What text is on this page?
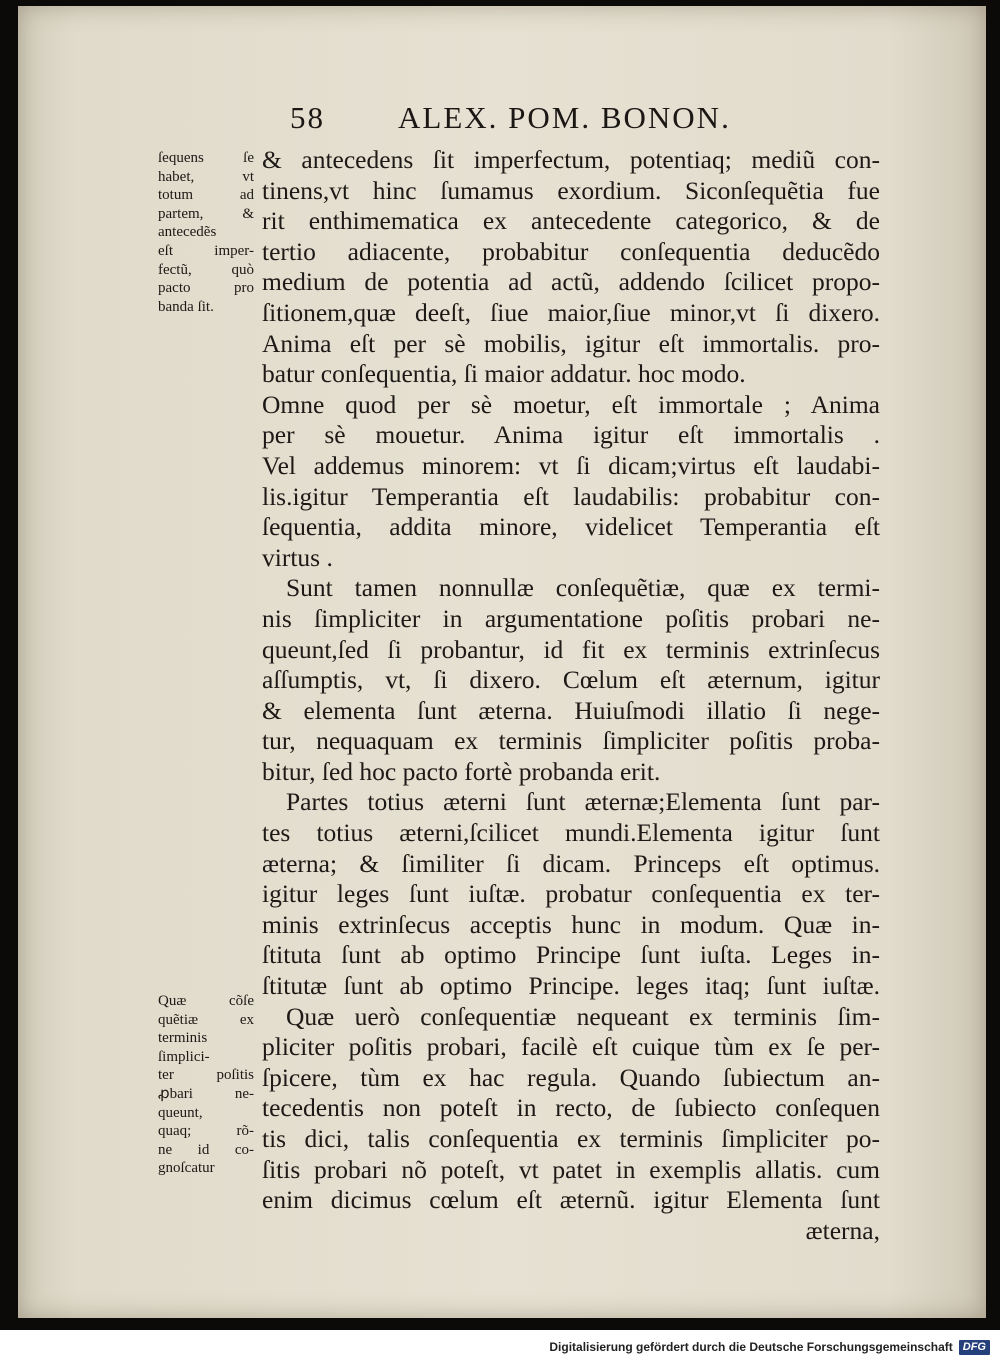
58 ALEX. POM. BONON.
ſequens ſe
habet, vt
totum ad
partem, &
antecedẽs
eſt imper-
fectũ, quò
pacto pro
banda ſit.
Quæ cõſe
quẽtiæ ex
terminis
ſimplici-
ter poſitis
ꝓbari ne-
queunt,
quaq; rõ-
ne id co-
gnoſcatur
& antecedens ſit imperfectum, potentiaq; mediũ con-
tinens,vt hinc ſumamus exordium. Siconſequẽtia fue
rit enthimematica ex antecedente categorico, & de
tertio adiacente, probabitur conſequentia deducẽdo
medium de potentia ad actũ, addendo ſcilicet propo-
ſitionem,quæ deeſt, ſiue maior,ſiue minor,vt ſi dixero.
Anima eſt per sè mobilis, igitur eſt immortalis. pro-
batur conſequentia, ſi maior addatur. hoc modo.
Omne quod per sè moetur, eſt immortale ; Anima
per sè mouetur. Anima igitur eſt immortalis .
Vel addemus minorem: vt ſi dicam;virtus eſt laudabi-
lis.igitur Temperantia eſt laudabilis: probabitur con-
ſequentia, addita minore, videlicet Temperantia eſt
virtus .
Sunt tamen nonnullæ conſequẽtiæ, quæ ex termi-
nis ſimpliciter in argumentatione poſitis probari ne-
queunt,ſed ſi probantur, id fit ex terminis extrinſecus
aſſumptis, vt, ſi dixero. Cœlum eſt æternum, igitur
& elementa ſunt æterna. Huiuſmodi illatio ſi nege-
tur, nequaquam ex terminis ſimpliciter poſitis proba-
bitur, ſed hoc pacto fortè probanda erit.
Partes totius æterni ſunt æternæ;Elementa ſunt par-
tes totius æterni,ſcilicet mundi.Elementa igitur ſunt
æterna; & ſimiliter ſi dicam. Princeps eſt optimus.
igitur leges ſunt iuſtæ. probatur conſequentia ex ter-
minis extrinſecus acceptis hunc in modum. Quæ in-
ſtituta ſunt ab optimo Principe ſunt iuſta. Leges in-
ſtitutæ ſunt ab optimo Principe. leges itaq; ſunt iuſtæ.
Quæ uerò conſequentiæ nequeant ex terminis ſim-
pliciter poſitis probari, facilè eſt cuique tùm ex ſe per-
ſpicere, tùm ex hac regula. Quando ſubiectum an-
tecedentis non poteſt in recto, de ſubiecto conſequen
tis dici, talis conſequentia ex terminis ſimpliciter po-
ſitis probari nõ poteſt, vt patet in exemplis allatis. cum
enim dicimus cœlum eſt æternũ. igitur Elementa ſunt
æterna,
Digitalisierung gefördert durch die Deutsche Forschungsgemeinschaft DFG
